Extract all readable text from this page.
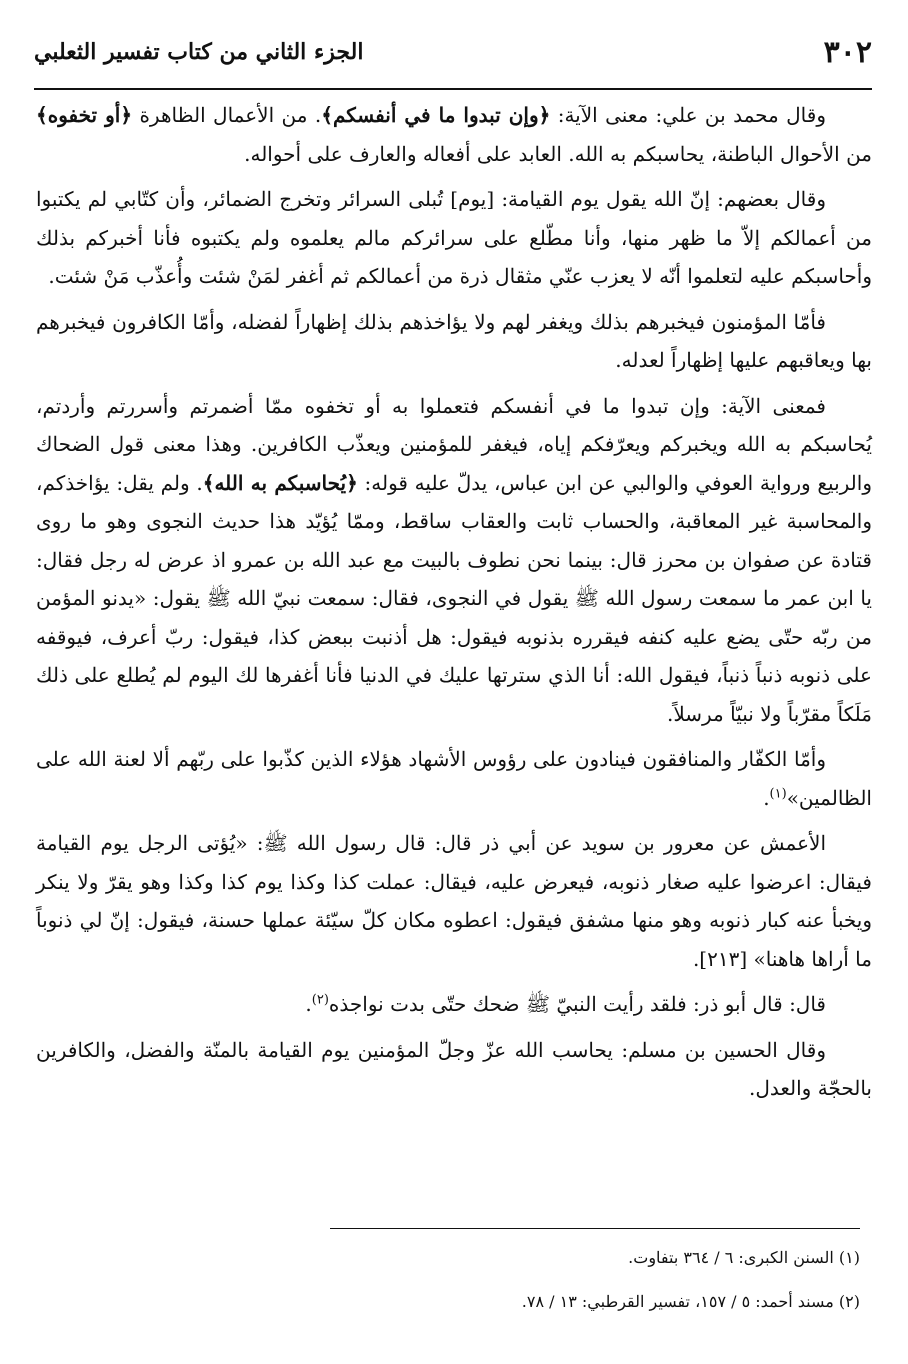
٣٠٢
الجزء الثاني من كتاب تفسير الثعلبي

وقال محمد بن علي: معنى الآية: ﴿وإن تبدوا ما في أنفسكم﴾. من الأعمال الظاهرة ﴿أو تخفوه﴾ من الأحوال الباطنة، يحاسبكم به الله. العابد على أفعاله والعارف على أحواله.

وقال بعضهم: إنّ الله يقول يوم القيامة: [يوم] تُبلى السرائر وتخرج الضمائر، وأن كتّابي لم يكتبوا من أعمالكم إلاّ ما ظهر منها، وأنا مطّلع على سرائركم مالم يعلموه ولم يكتبوه فأنا أخبركم بذلك وأحاسبكم عليه لتعلموا أنّه لا يعزب عنّي مثقال ذرة من أعمالكم ثم أغفر لمَنْ شئت وأُعذّب مَنْ شئت.

فأمّا المؤمنون فيخبرهم بذلك ويغفر لهم ولا يؤاخذهم بذلك إظهاراً لفضله، وأمّا الكافرون فيخبرهم بها ويعاقبهم عليها إظهاراً لعدله.

فمعنى الآية: وإن تبدوا ما في أنفسكم فتعملوا به أو تخفوه ممّا أضمرتم وأسررتم وأردتم، يُحاسبكم به الله ويخبركم ويعرّفكم إياه، فيغفر للمؤمنين ويعذّب الكافرين. وهذا معنى قول الضحاك والربيع ورواية العوفي والوالبي عن ابن عباس، يدلّ عليه قوله: ﴿يُحاسبكم به الله﴾. ولم يقل: يؤاخذكم، والمحاسبة غير المعاقبة، والحساب ثابت والعقاب ساقط، وممّا يُؤيّد هذا حديث النجوى وهو ما روى قتادة عن صفوان بن محرز قال: بينما نحن نطوف بالبيت مع عبد الله بن عمرو اذ عرض له رجل فقال: يا ابن عمر ما سمعت رسول الله ﷺ يقول في النجوى، فقال: سمعت نبيّ الله ﷺ يقول: «يدنو المؤمن من ربّه حتّى يضع عليه كنفه فيقرره بذنوبه فيقول: هل أذنبت ببعض كذا، فيقول: ربّ أعرف، فيوقفه على ذنوبه ذنباً ذنباً، فيقول الله: أنا الذي سترتها عليك في الدنيا فأنا أغفرها لك اليوم لم يُطلع على ذلك مَلَكاً مقرّباً ولا نبيّاً مرسلاً.

وأمّا الكفّار والمنافقون فينادون على رؤوس الأشهاد هؤلاء الذين كذّبوا على ربّهم ألا لعنة الله على الظالمين»$^{(١)}$.

الأعمش عن معرور بن سويد عن أبي ذر قال: قال رسول الله ﷺ: «يُؤتى الرجل يوم القيامة فيقال: اعرضوا عليه صغار ذنوبه، فيعرض عليه، فيقال: عملت كذا وكذا يوم كذا وكذا وهو يقرّ ولا ينكر ويخبأ عنه كبار ذنوبه وهو منها مشفق فيقول: اعطوه مكان كلّ سيّئة عملها حسنة، فيقول: إنّ لي ذنوباً ما أراها هاهنا» [٢١٣].

قال: قال أبو ذر: فلقد رأيت النبيّ ﷺ ضحك حتّى بدت نواجذه$^{(٢)}$.

وقال الحسين بن مسلم: يحاسب الله عزّ وجلّ المؤمنين يوم القيامة بالمنّة والفضل، والكافرين بالحجّة والعدل.

(١) السنن الكبرى: ٦ / ٣٦٤ بتفاوت.
(٢) مسند أحمد: ٥ / ١٥٧، تفسير القرطبي: ١٣ / ٧٨.
